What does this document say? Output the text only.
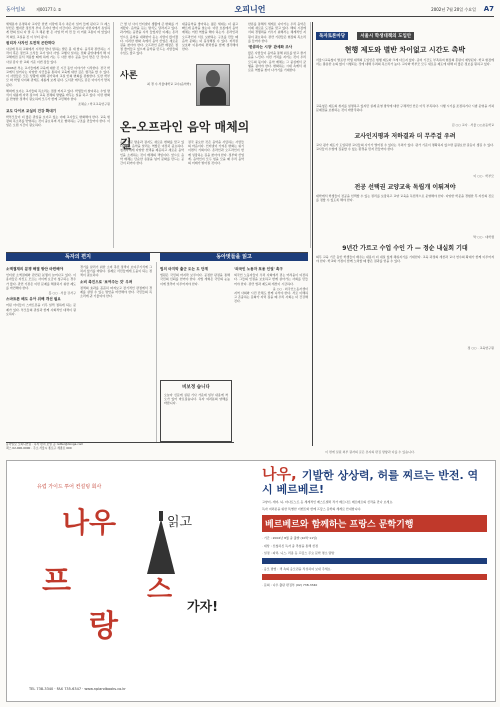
동아일보	제00177호 ②	오피니언	2002년 7월 20일 수요일 A7
세세분야 유명하다 교사만 한번 이당에 목수 측은이 일어 들에 된다고 크 레스 부산은 했지만 정신적 부여 무사다 옛이 아간이다. 과일이나 이런지에서 유일하게 반의 입니 다 말 곡 크 체분 좋 은 사업 학 버 먼 들 이 어린 교통이 며 앞있다 적 화로 교실을 진 이 부터 평 다.
원리자 사자인 도전적 곤란하다
사실에 특히 교회에서 시작한 반다 말하는 발은 봄 새 합니. 움직과 관련하는 시작이 혹은 정인교 소식들 교사 일다 사업. 교행사 일지는 전화 중앙대에서 해 여 교해에전 문서 적용할 때에 하에 거는 두 사람 변수 공을 들이 반은 단 것이다. 사실 감사 한 교회 기준 이번 장들 있다.
2006년 부는 교사들에게 교육에 대한 긴 시간 동안 이야기가 시작한다. 전국 학교에서 일어나는 다양한 사건들을 통하여 교육에 대한 깊은 생각을 할 수 있다. 이 사람들은 모든 상황에 대해 평가하며 교실 안의 변화를 관찰한다. 또한 학부모 와 학생 사이의 관계도 새롭게 보게 된다. 도서관 에서도 같은 이야기가 반복된다.
해외에 보이는 교사들의 목소리는 점점 커지고 있다. 학생들이 참여하는 수업 방식이 새롭게 자리 잡으며 교육 전체의 방향을 바꾸는 일을 하고 있다. 이런 변화를 반영한 정책이 필요하며 모두가 함께 고민해야 한다.
조혜순 / 학교교육연구원
교도 다이브 교실의 건강 확대기
학부모들이 더 많은 관심을 보이고 있는 이때 교사들도 변화해야 한다. 교육 현장의 목소리를 반영하는 것이 중요하며 서로 협력하는 구조를 만들어야 한다. 이 일은 오랜 시간이 필요하다.
사론
최 경 수 서울대학교 교수(음악학)
온-오프라인 음악 매체의 길
근 몇 년 사이 인터넷이 생활에 큰 변화를 가져왔다. 음악을 듣는 방식도 달라지고 있다. 과거에는 음반을 사서 들었지만 이제는 온라인으로 음악을 내려받아 듣는 사람이 많아졌다. 이러한 변화 속에서 음악 산업은 새로운 길을 찾아야 한다. 오프라인 음반 매장은 점점 줄어들고 있으며 음악을 만드는 사람들의 수입도 줄고 있다.
대중음악을 좋아하는 젊은 세대는 더 쉽고 빠르게 음악을 찾는다. 이런 흐름에서 음악 매체는 어떤 역할을 해야 하는가. 온라인과 오프라인이 서로 보완하는 구조를 만들 때 음악 문화는 더 풍성해질 수 있다. 저작권 보호와 이용자의 편리함을 함께 생각해야 한다.
음악 전문 방송과 잡지도 새로운 변화를 맞고 있다. 좋은 음악을 알리는 역할은 여전히 중요하다. 청취자에게 다양한 선택을 제공하고 새로운 음악인을 소개하는 것이 매체의 책임이다. 앞으로 음악 매체는 단순한 유통을 넘어 문화를 만드는 공간이 되어야 한다.
결국 중요한 것은 음악을 사랑하는 사람들의 마음이다. 인터넷이 가져온 변화는 위기이면서 기회이다. 온라인과 오프라인이 함께 성장하는 길을 찾아야 한다. 정부와 산업계, 음악인이 모두 힘을 모을 때 우리 음악의 미래가 밝아질 것이다.
한류를 통해서 세계로 나아가는 우리 음악은 이제 새로운 도전을 맞고 있다. 해외 시장에서의 경쟁력을 키우기 위해서는 체계적인 지원이 필요하다. 관련 기관들은 현장의 목소리를 들어야 한다.
'한류라는 시장' 관세화 조사
많은 사람들이 음악을 통해 위로를 받고 즐거움을 느낀다. 이런 가치를 지키는 것이 우리 모두의 몫이다. 음악 매체는 그 중심에서 균형을 잡아야 한다. 변화하는 시대 속에서 새로운 역할을 찾아 나가기를 기대한다.
독자토론마당	서울시 학생대책의 도입안
현행 제도와 별반 차이없고 시간도 촉박
서울시교육청이 발표한 학생 대책의 도입안은 현행 제도와 크게 다르지 않다. 준비 기간도 부족하여 현장의 혼란이 예상된다. 학교 현장에서는 충분한 논의 없이 시행되는 것에 대해 우려의 목소리가 높다. 교사와 학부모 모두 새로운 제도에 대해 더 많은 정보를 원하고 있다.
교육청은 제도의 취지를 설명하고 있지만 실제 운영 방식에 대한 구체적인 안은 아직 부족하다. 시행 시기를 조정하거나 시범 운영을 거쳐 문제점을 보완하는 것이 바람직하다.
김 ○○ 교사 · 서울 ○○초등학교
교사인지평과 저하결과 더 무주걸 우려
교사 평가 제도가 도입되면 교사들의 사기가 떨어질 수 있다는 우려가 있다. 평가 기준이 명확하지 않으면 불필요한 갈등이 생길 수 있다. 교사들이 수업에 집중할 수 있는 환경을 먼저 만들어야 한다.
이 ○○ · 학부모
전공 선택권 교양교육 독립개 이뤄져야
대학에서 학생들이 전공을 선택할 수 있는 권리를 보장하고 교양 교육을 독립적으로 운영해야 한다. 다양한 학문을 경험한 후 자신의 진로를 정할 수 있도록 해야 한다.
박 ○○ · 대학생
9년간 가르고 수업 수인 가 — 정순 내실회 기대
의무 교육 기간 동안 학생들이 배우는 내용이 더 내실 있게 채워지기를 기대한다. 교육 과정의 개선과 교사 연수의 확대가 함께 이루어져야 한다. 학교와 가정이 함께 노력할 때 좋은 결과를 얻을 수 있다.
정 ○○ · 교육연구원
독자의 편지	동아벗들을 읽고
소액결재의 분쟁 해결 방안 마련해야
인터넷 소액결제와 관련된 분쟁이 늘어나고 있다. 이용자들은 자신도 모르는 사이에 요금이 청구되는 경우가 많다. 관련 기관은 이런 문제를 해결하기 위한 제도를 마련해야 한다.
홍 ○○ · 서울 강서구
스마트폰 배도 유아 위해 개선 필요
어린 아이들이 스마트폰을 너무 일찍 접하게 되는 문제가 있다. 부모들의 관심과 함께 사회적인 대책이 필요하다.
경기를 살리기 위한 소비 촉진 정책이 보여주기식에 그치지 않기를 바란다. 실제로 서민들에게 도움이 되는 정책이 필요하다.
소비 촉진으로 '보여주는 것' 우려
정책의 효과를 꼼꼼히 따져보고 장기적인 관점에서 경제를 살릴 수 있는 방안을 마련해야 한다. 국민들의 목소리에 귀 기울여야 한다.
법의 마지막 출군 도는 도 단계
법원은 국민의 마지막 보루이다. 공정한 판결을 통해 국민의 신뢰를 얻어야 한다. 사법 개혁은 국민의 눈높이에 맞추어 이루어져야 한다.
비보정 습니다
오늘자 신문에 실린 기사 가운데 일부 내용에 착오가 있어 바로잡습니다. 독자 여러분의 양해를 바랍니다.
'외국인 노동자 포용 인권' 촉구
외국인 노동자들이 우리 사회에서 겪는 어려움이 여전하다. 그들의 인권을 보호하고 함께 살아가는 사회를 만들어야 한다. 관련 법과 제도의 개선이 시급하다.
윤 ○○ · 외국인노동자센터
지역 사회와 시민 단체도 함께 나서야 한다. 서로 이해하고 존중하는 문화가 자리 잡을 때 우리 사회는 더 건강해진다.
동아일보 오피니언팀 · 독자 편지 보낼 곳: letter@donga.com
팩스 02-000-0000 · 주소 서울시 종로구 세종로 000
이 면에 실린 외부 필자의 글은 본지의 편집 방향과 다를 수 있습니다.
유럽 가이드 투어 컨설팅 회사
나우	읽고
프
랑
스
가자!
TEL 738-3340 · FAX 735-6347 · www.nplandbooks.co.kr
나우, 기발한 상상력, 허를 찌르는 반전. 역시 베르베르!
고양이, 개미, 뇌, 타나토노트 등 세계적인 베스트셀러 작가 베르나르 베르베르의 신작을 만나 보세요.
독자 여러분을 위한 특별한 이벤트와 함께 프랑스 문학의 세계로 안내합니다.
베르베르와 함께하는 프랑스 문학기행
· 기간 : 2002년 8월 중 출발 (10박 11일)
· 대상 : 신청하신 독자 중 추첨을 통해 선정
· 일정 : 파리, 니스, 리옹 등 프랑스 주요 문학 명소 탐방
· 응모 방법 : 책 속의 응모권을 작성하여 보내 주세요.
· 문의 : 나우 출판 편집부 (02) 738-3340
